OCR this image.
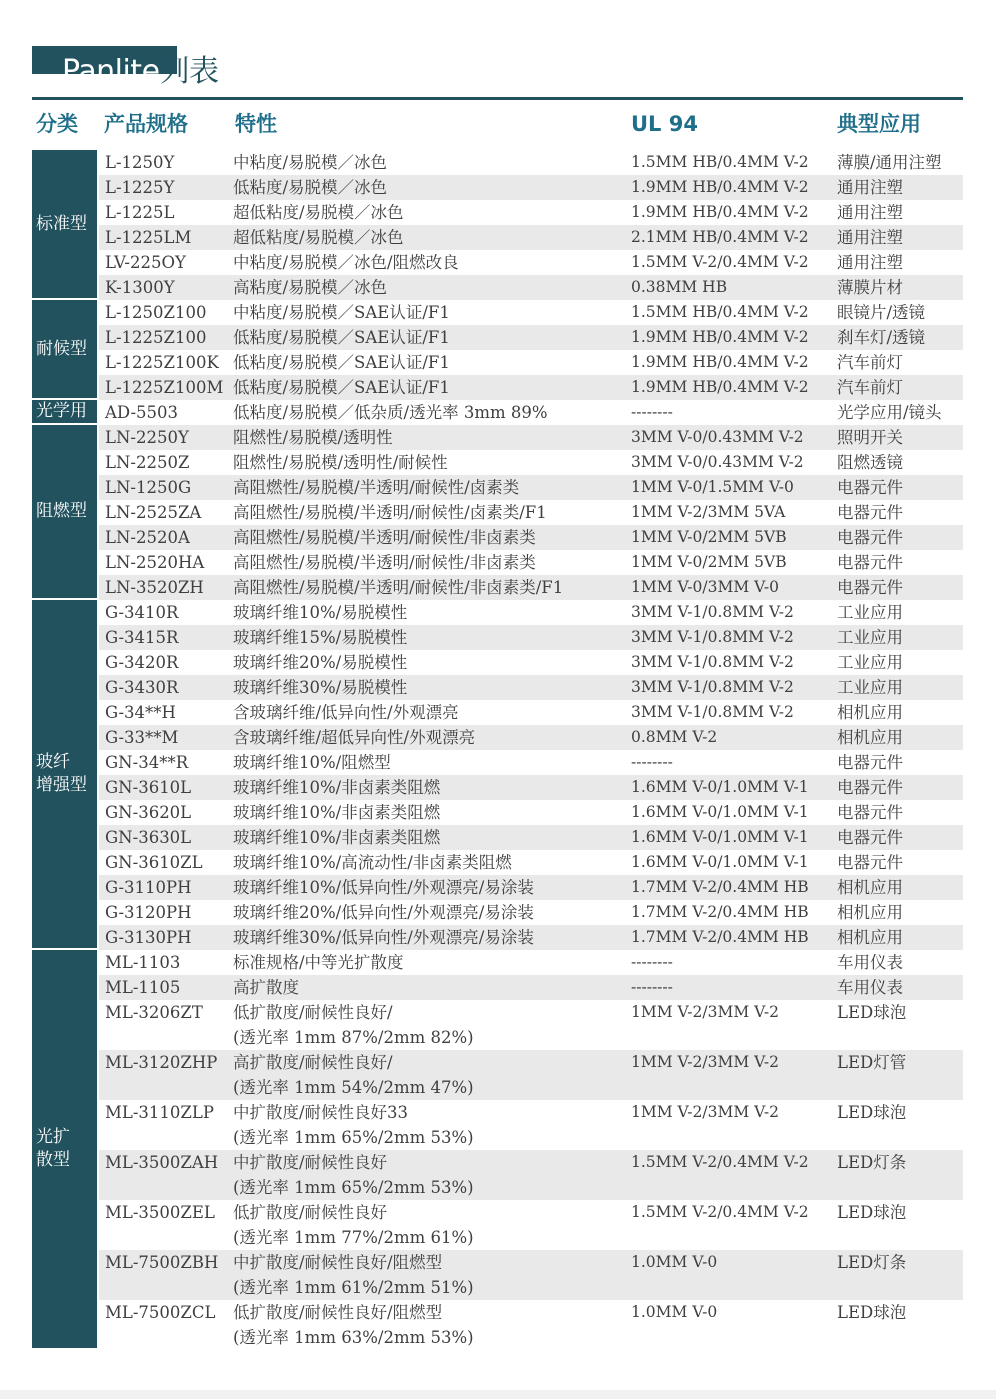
Panlite列表
分类 产品规格 特性	UL 94	典型应用
标准型
耐候型
光学用
阻燃型
玻纤
增强型
光扩
散型
L-1250Y	中粘度/易脱模／冰色	1.5MM HB/0.4MM V-2 薄膜/通用注塑
L-1225Y	低粘度/易脱模／冰色	1.9MM HB/0.4MM V-2 通用注塑
L-1225L	超低粘度/易脱模／冰色	1.9MM HB/0.4MM V-2 通用注塑
L-1225LM	超低粘度/易脱模／冰色	2.1MM HB/0.4MM V-2 通用注塑
LV-225OY	中粘度/易脱模／冰色/阻燃改良	1.5MM V-2/0.4MM V-2 通用注塑
K-1300Y	高粘度/易脱模／冰色	0.38MM HB	薄膜片材
L-1250Z100 中粘度/易脱模／SAE认证/F1	1.5MM HB/0.4MM V-2 眼镜片/透镜
L-1225Z100 低粘度/易脱模／SAE认证/F1	1.9MM HB/0.4MM V-2 刹车灯/透镜
L-1225Z100K 低粘度/易脱模／SAE认证/F1	1.9MM HB/0.4MM V-2 汽车前灯
L-1225Z100M 低粘度/易脱模／SAE认证/F1	1.9MM HB/0.4MM V-2 汽车前灯
AD-5503	低粘度/易脱模／低杂质/透光率 3mm 89%	--------	光学应用/镜头
LN-2250Y	阻燃性/易脱模/透明性	3MM V-0/0.43MM V-2 照明开关
LN-2250Z	阻燃性/易脱模/透明性/耐候性	3MM V-0/0.43MM V-2 阻燃透镜
LN-1250G	高阻燃性/易脱模/半透明/耐候性/卤素类	1MM V-0/1.5MM V-0	电器元件
LN-2525ZA 高阻燃性/易脱模/半透明/耐候性/卤素类/F1	1MM V-2/3MM 5VA	电器元件
LN-2520A	高阻燃性/易脱模/半透明/耐候性/非卤素类	1MM V-0/2MM 5VB	电器元件
LN-2520HA 高阻燃性/易脱模/半透明/耐候性/非卤素类	1MM V-0/2MM 5VB	电器元件
LN-3520ZH 高阻燃性/易脱模/半透明/耐候性/非卤素类/F1	1MM V-0/3MM V-0	电器元件
G-3410R	玻璃纤维10%/易脱模性	3MM V-1/0.8MM V-2	工业应用
G-3415R	玻璃纤维15%/易脱模性	3MM V-1/0.8MM V-2	工业应用
G-3420R	玻璃纤维20%/易脱模性	3MM V-1/0.8MM V-2	工业应用
G-3430R	玻璃纤维30%/易脱模性	3MM V-1/0.8MM V-2	工业应用
G-34**H	含玻璃纤维/低异向性/外观漂亮	3MM V-1/0.8MM V-2	相机应用
G-33**M	含玻璃纤维/超低异向性/外观漂亮	0.8MM V-2	相机应用
GN-34**R	玻璃纤维10%/阻燃型	--------	电器元件
GN-3610L	玻璃纤维10%/非卤素类阻燃	1.6MM V-0/1.0MM V-1 电器元件
GN-3620L	玻璃纤维10%/非卤素类阻燃	1.6MM V-0/1.0MM V-1 电器元件
GN-3630L	玻璃纤维10%/非卤素类阻燃	1.6MM V-0/1.0MM V-1 电器元件
GN-3610ZL 玻璃纤维10%/高流动性/非卤素类阻燃	1.6MM V-0/1.0MM V-1 电器元件
G-3110PH	玻璃纤维10%/低异向性/外观漂亮/易涂装	1.7MM V-2/0.4MM HB 相机应用
G-3120PH	玻璃纤维20%/低异向性/外观漂亮/易涂装	1.7MM V-2/0.4MM HB 相机应用
G-3130PH	玻璃纤维30%/低异向性/外观漂亮/易涂装	1.7MM V-2/0.4MM HB 相机应用
ML-1103	标准规格/中等光扩散度	--------	车用仪表
ML-1105	高扩散度	--------	车用仪表
ML-3206ZT 低扩散度/耐候性良好/	1MM V-2/3MM V-2	LED球泡
(透光率 1mm 87%/2mm 82%)
ML-3120ZHP 高扩散度/耐候性良好/	1MM V-2/3MM V-2	LED灯管
(透光率 1mm 54%/2mm 47%)
ML-3110ZLP 中扩散度/耐候性良好33	1MM V-2/3MM V-2	LED球泡
(透光率 1mm 65%/2mm 53%)
ML-3500ZAH 中扩散度/耐候性良好	1.5MM V-2/0.4MM V-2 LED灯条
(透光率 1mm 65%/2mm 53%)
ML-3500ZEL 低扩散度/耐候性良好	1.5MM V-2/0.4MM V-2 LED球泡
(透光率 1mm 77%/2mm 61%)
ML-7500ZBH 中扩散度/耐候性良好/阻燃型	1.0MM V-0	LED灯条
(透光率 1mm 61%/2mm 51%)
ML-7500ZCL 低扩散度/耐候性良好/阻燃型	1.0MM V-0	LED球泡
(透光率 1mm 63%/2mm 53%)
